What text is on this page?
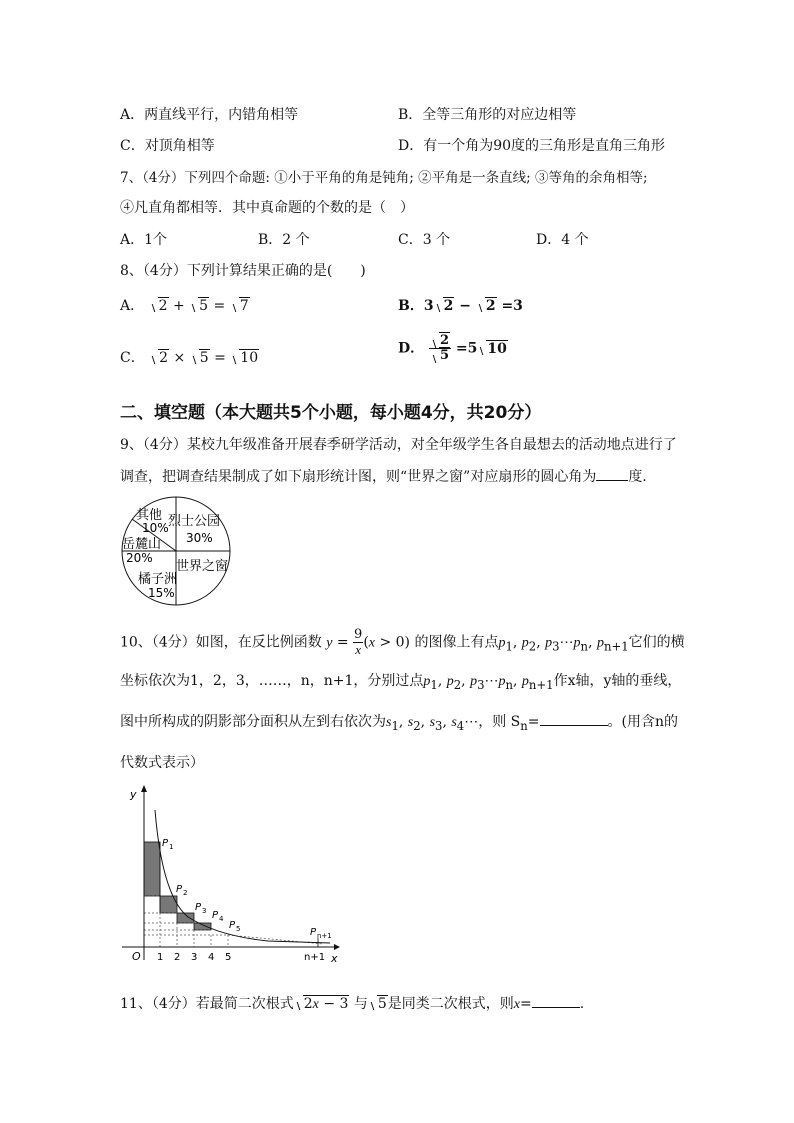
A．两直线平行，内错角相等	B．全等三角形的对应边相等
C．对顶角相等	D．有一个角为90度的三角形是直角三角形
7、（4分）下列四个命题: ①小于平角的角是钝角; ②平角是一条直线; ③等角的余角相等;
④凡直角都相等．其中真命题的个数的是（　）
A．1个	B．2 个	C．3 个	D．4 个
8、（4分）下列计算结果正确的是(　　)
A． 2 + 5 = 7	B．3 2 − 2 =3
C． 2 × 5 = 10
D． $\frac{2}{5} =5$ 10
二、填空题（本大题共5个小题，每小题4分，共20分）
9、（4分）某校九年级准备开展春季研学活动，对全年级学生各自最想去的活动地点进行了
调查，把调查结果制成了如下扇形统计图，则“世界之窗”对应扇形的圆心角为 度.
其他
10% 烈士公园
30%
岳麓山
20%
世界之窗
橘子洲
15%
10、（4分）如图，在反比例函数 $y = \frac{9}{x} (x > 0)$ 的图像上有点$p_1$, $p_2$, $p_3\cdots p_n$, $p_{n+1}$它们的横
坐标依次为1，2，3，……，n，n+1，分别过点$p_1$, $p_2$, $p_3\cdots p_n$, $p_{n+1}$作x轴，y轴的垂线，
图中所构成的阴影部分面积从左到右依次为$s_1$, $s_2$, $s_3$, $s_4\cdots$，则 $S_n=$	。(用含n的
代数式表示）
y
x
O 1 2 3 4 5	n+1
P 1
P 2
P 3 P 4
P 5	P n+1
11、（4分）若最简二次根式 2x − 3 与 5是同类二次根式，则x=	.
